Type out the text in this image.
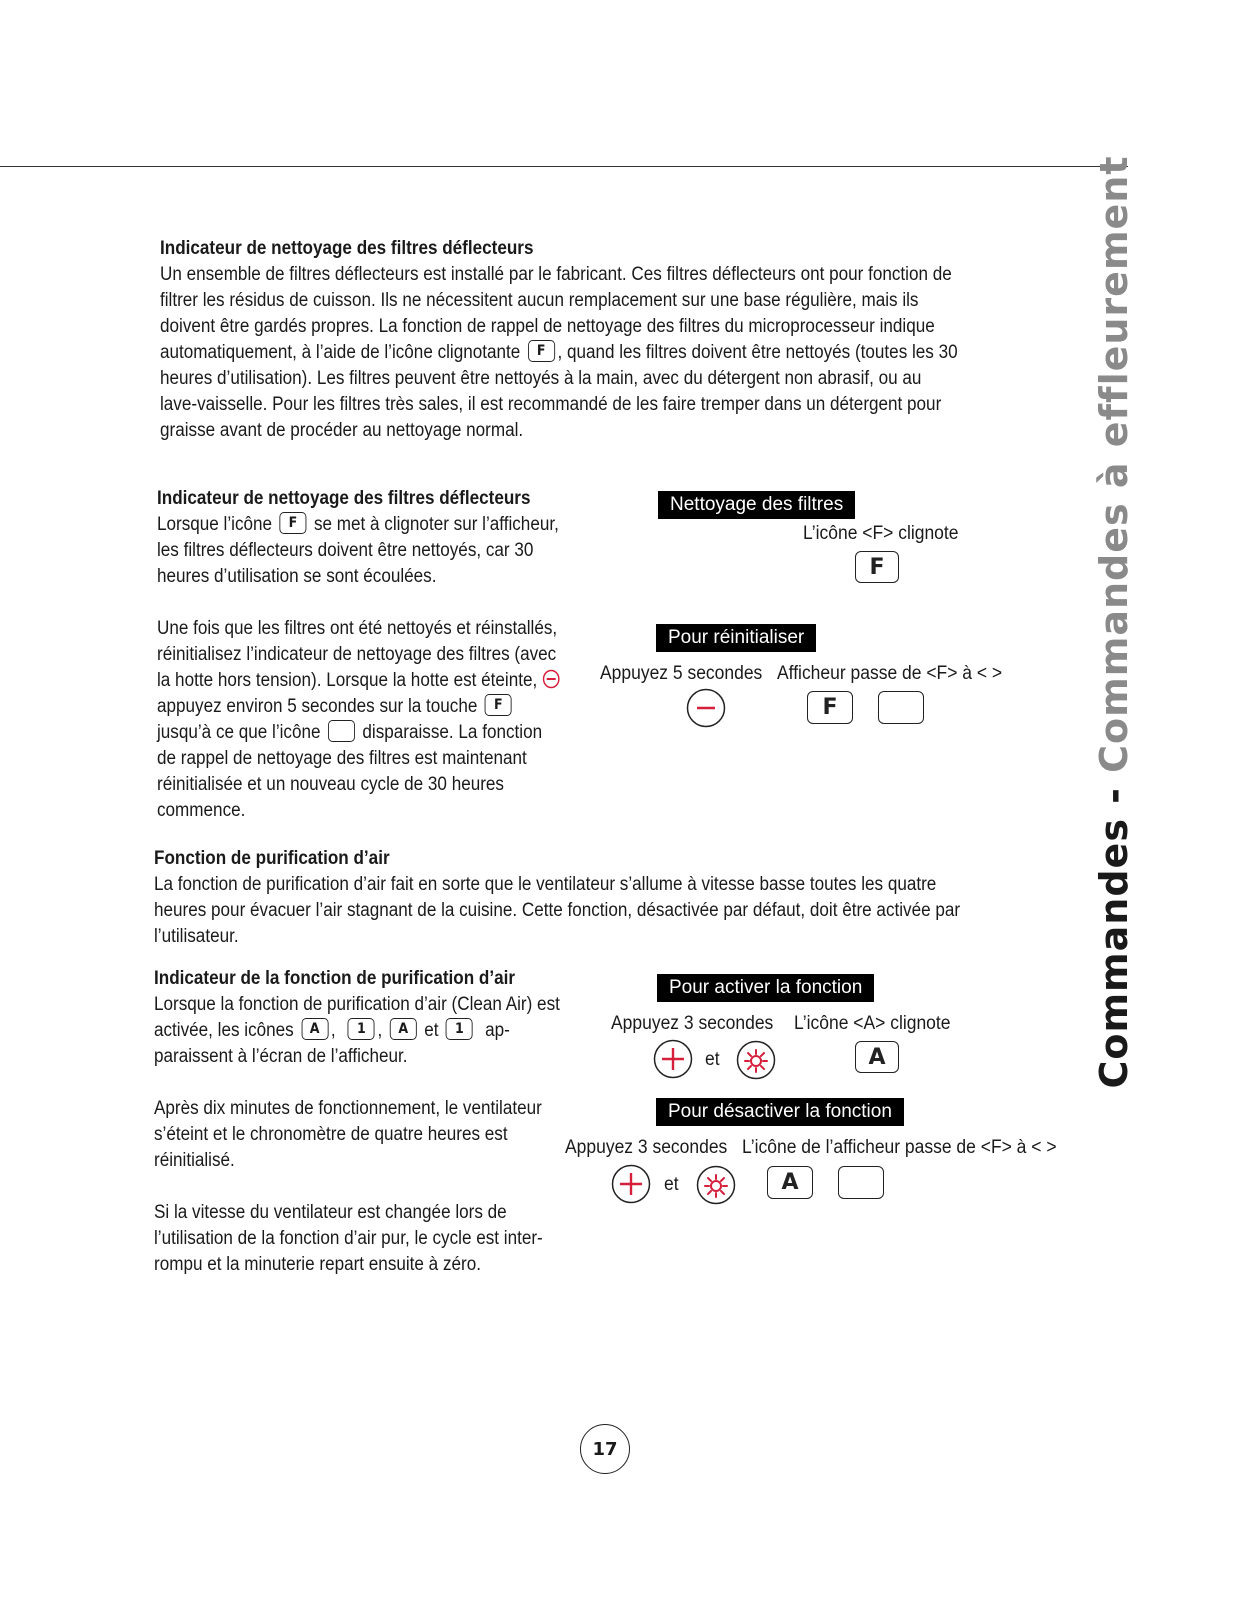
Commandes - Commandes à effleurement
Indicateur de nettoyage des filtres déflecteurs
Un ensemble de filtres déflecteurs est installé par le fabricant. Ces filtres déflecteurs ont pour fonction de
filtrer les résidus de cuisson. Ils ne nécessitent aucun remplacement sur une base régulière, mais ils
doivent être gardés propres. La fonction de rappel de nettoyage des filtres du microprocesseur indique
automatiquement, à l’aide de l’icône clignotante F , quand les filtres doivent être nettoyés (toutes les 30
heures d’utilisation). Les filtres peuvent être nettoyés à la main, avec du détergent non abrasif, ou au
lave-vaisselle. Pour les filtres très sales, il est recommandé de les faire tremper dans un détergent pour
graisse avant de procéder au nettoyage normal.
Indicateur de nettoyage des filtres déflecteurs
Lorsque l’icône F se met à clignoter sur l’afficheur,
les filtres déflecteurs doivent être nettoyés, car 30
heures d’utilisation se sont écoulées.
Une fois que les filtres ont été nettoyés et réinstallés,
réinitialisez l’indicateur de nettoyage des filtres (avec
la hotte hors tension). Lorsque la hotte est éteinte,
appuyez environ 5 secondes sur la touche F
jusqu’à ce que l’icône disparaisse. La fonction
de rappel de nettoyage des filtres est maintenant
réinitialisée et un nouveau cycle de 30 heures
commence.
Nettoyage des filtres
L’icône <F> clignote
F
Pour réinitialiser
Appuyez 5 secondes Afficheur passe de <F> à < >
F
Fonction de purification d’air
La fonction de purification d’air fait en sorte que le ventilateur s’allume à vitesse basse toutes les quatre
heures pour évacuer l’air stagnant de la cuisine. Cette fonction, désactivée par défaut, doit être activée par
l’utilisateur.
Indicateur de la fonction de purification d’air
Lorsque la fonction de purification d’air (Clean Air) est
activée, les icônes A , 1 , A et 1 ap-
paraissent à l’écran de l’afficheur.
Après dix minutes de fonctionnement, le ventilateur
s’éteint et le chronomètre de quatre heures est
réinitialisé.
Si la vitesse du ventilateur est changée lors de
l’utilisation de la fonction d’air pur, le cycle est inter-
rompu et la minuterie repart ensuite à zéro.
Pour activer la fonction
Appuyez 3 secondes L’icône <A> clignote
et	A
Pour désactiver la fonction
Appuyez 3 secondes L’icône de l’afficheur passe de <F> à < >
et	A
17
